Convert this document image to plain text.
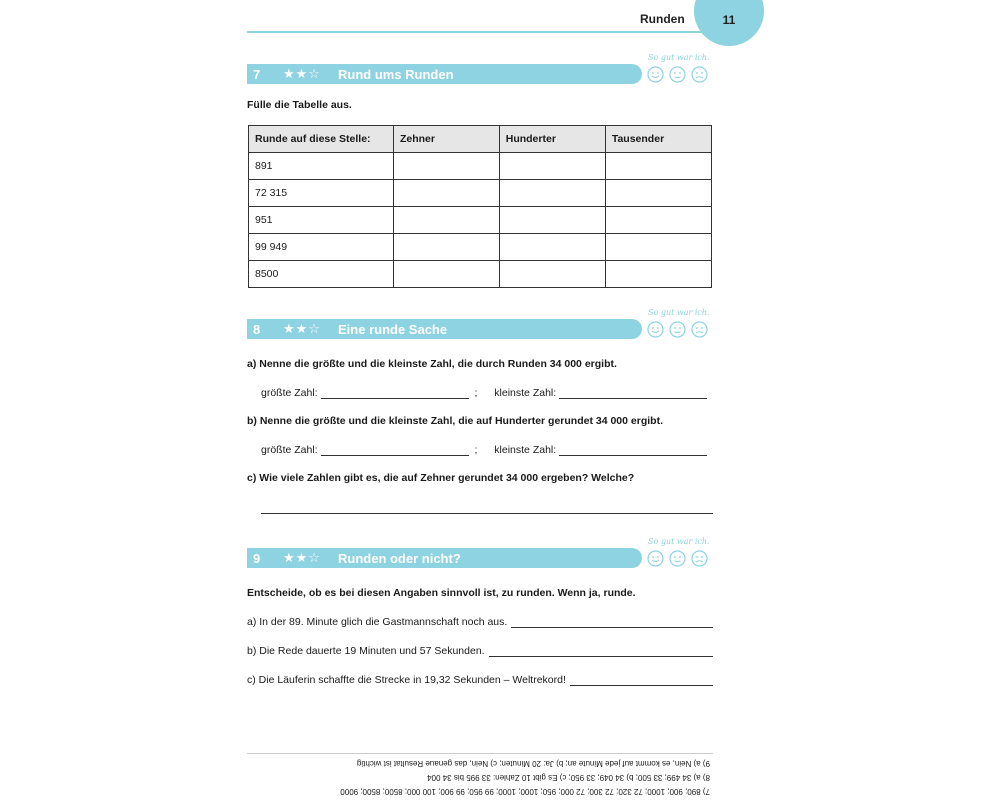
Runden	11
So gut war ich.
7	★★☆	Rund ums Runden
Fülle die Tabelle aus.
Runde auf diese Stelle:	Zehner	Hunderter	Tausender
891			
72 315			
951			
99 949			
8500			
So gut war ich.
8	★★☆	Eine runde Sache
a) Nenne die größte und die kleinste Zahl, die durch Runden 34 000 ergibt.
größte Zahl:	; kleinste Zahl:
b) Nenne die größte und die kleinste Zahl, die auf Hunderter gerundet 34 000 ergibt.
größte Zahl:	; kleinste Zahl:
c) Wie viele Zahlen gibt es, die auf Zehner gerundet 34 000 ergeben? Welche?
So gut war ich.
9	★★☆	Runden oder nicht?
Entscheide, ob es bei diesen Angaben sinnvoll ist, zu runden. Wenn ja, runde.
a) In der 89. Minute glich die Gastmannschaft noch aus.
b) Die Rede dauerte 19 Minuten und 57 Sekunden.
c) Die Läuferin schaffte die Strecke in 19,32 Sekunden – Weltrekord!
9) a) Nein, es kommt auf jede Minute an; b) Ja: 20 Minuten; c) Nein, das genaue Resultat ist wichtig
8) a) 34 499; 33 500; b) 34 049; 33 950; c) Es gibt 10 Zahlen: 33 995 bis 34 004
7) 890; 900; 1000; 72 320; 72 300; 72 000; 950; 1000; 1000; 99 950; 99 900; 100 000; 8500; 8500; 9000
